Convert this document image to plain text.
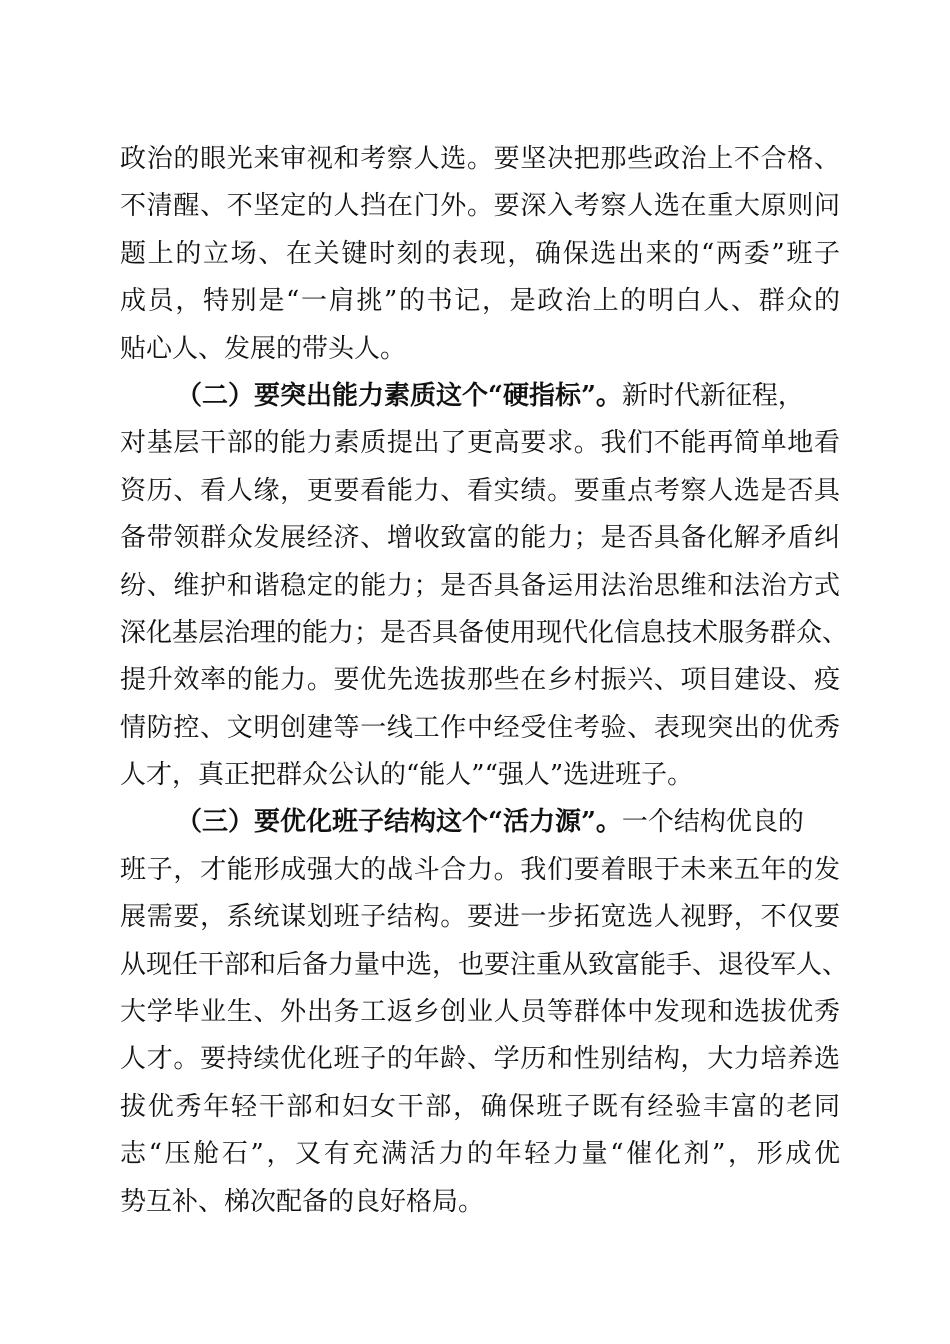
政治的眼光来审视和考察人选。要坚决把那些政治上不合格、
不清醒、不坚定的人挡在门外。要深入考察人选在重大原则问
题上的立场、在关键时刻的表现，确保选出来的“两委”班子
成员，特别是“一肩挑”的书记，是政治上的明白人、群众的
贴心人、发展的带头人。
（二）要突出能力素质这个“硬指标”。新时代新征程，
对基层干部的能力素质提出了更高要求。我们不能再简单地看
资历、看人缘，更要看能力、看实绩。要重点考察人选是否具
备带领群众发展经济、增收致富的能力；是否具备化解矛盾纠
纷、维护和谐稳定的能力；是否具备运用法治思维和法治方式
深化基层治理的能力；是否具备使用现代化信息技术服务群众、
提升效率的能力。要优先选拔那些在乡村振兴、项目建设、疫
情防控、文明创建等一线工作中经受住考验、表现突出的优秀
人才，真正把群众公认的“能人”“强人”选进班子。
（三）要优化班子结构这个“活力源”。一个结构优良的
班子，才能形成强大的战斗合力。我们要着眼于未来五年的发
展需要，系统谋划班子结构。要进一步拓宽选人视野，不仅要
从现任干部和后备力量中选，也要注重从致富能手、退役军人、
大学毕业生、外出务工返乡创业人员等群体中发现和选拔优秀
人才。要持续优化班子的年龄、学历和性别结构，大力培养选
拔优秀年轻干部和妇女干部，确保班子既有经验丰富的老同
志“压舱石”，又有充满活力的年轻力量“催化剂”，形成优
势互补、梯次配备的良好格局。
